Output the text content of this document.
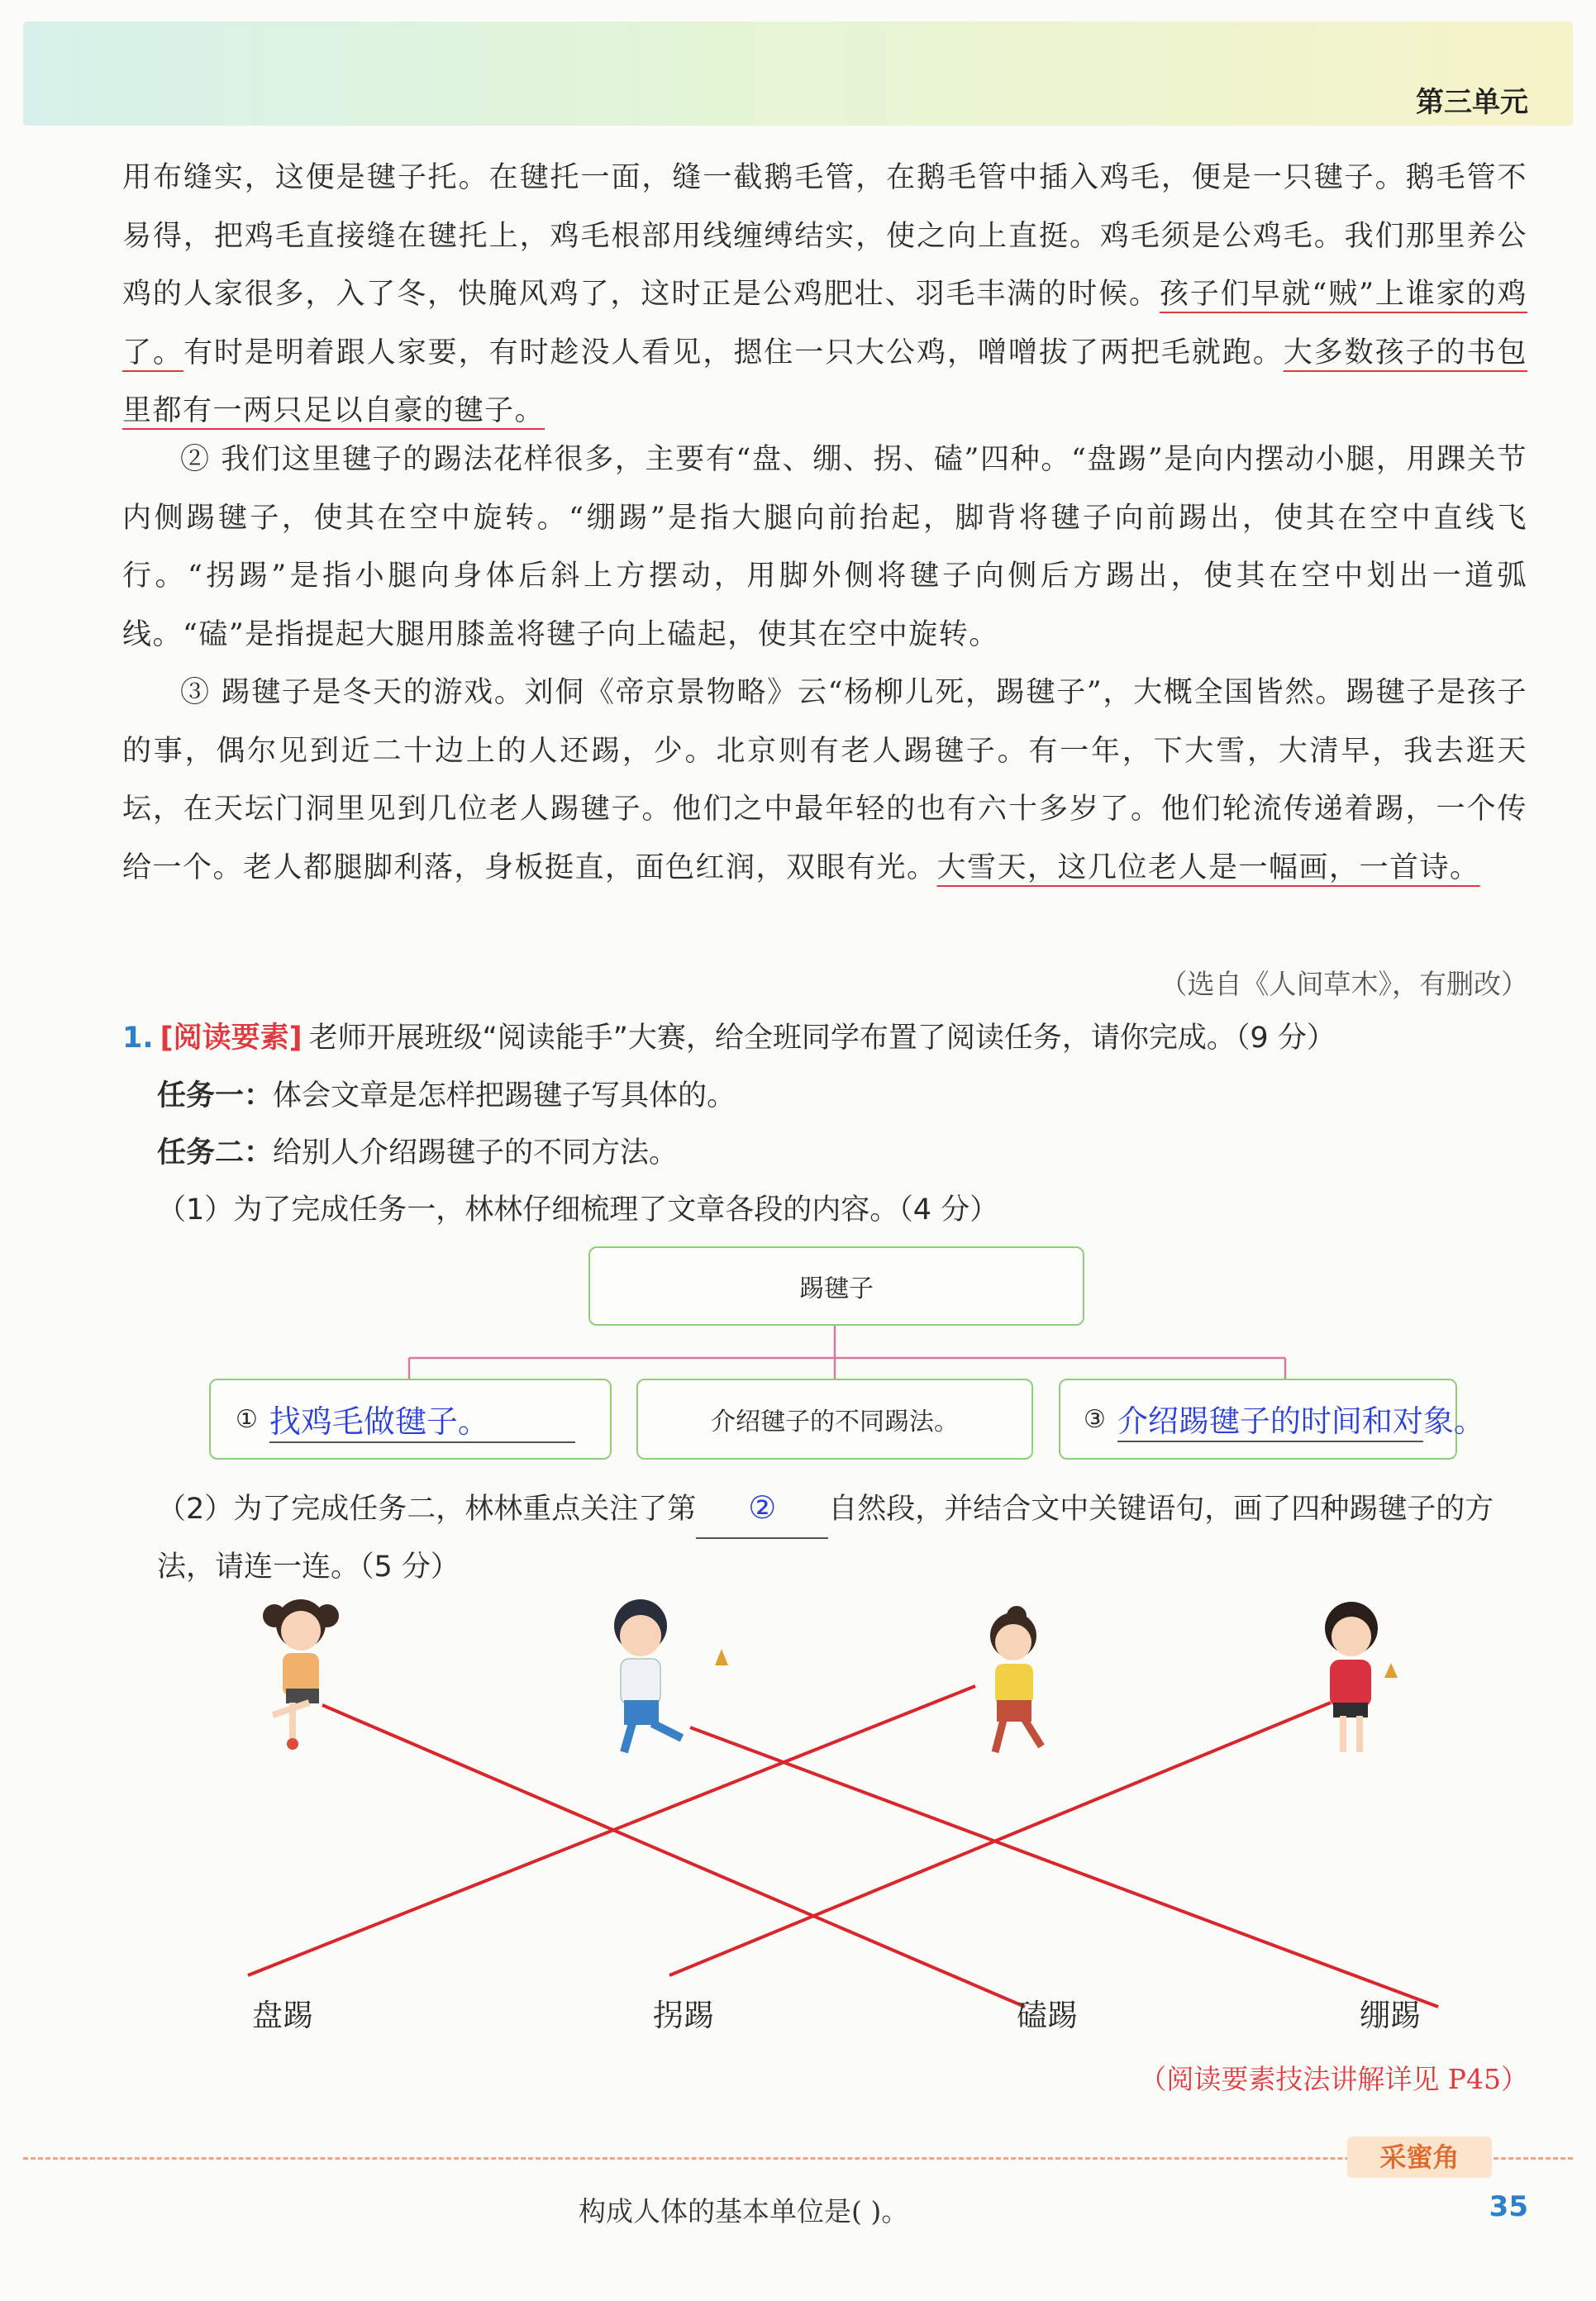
第三单元

用布缝实，这便是毽子托。在毽托一面，缝一截鹅毛管，在鹅毛管中插入鸡毛，便是一只毽子。鹅毛管不易得，把鸡毛直接缝在毽托上，鸡毛根部用线缠缚结实，使之向上直挺。鸡毛须是公鸡毛。我们那里养公鸡的人家很多，入了冬，快腌风鸡了，这时正是公鸡肥壮、羽毛丰满的时候。孩子们早就“贼”上谁家的鸡了。有时是明着跟人家要，有时趁没人看见，摁住一只大公鸡，噌噌拔了两把毛就跑。大多数孩子的书包里都有一两只足以自豪的毽子。

② 我们这里毽子的踢法花样很多，主要有“盘、绷、拐、磕”四种。“盘踢”是向内摆动小腿，用踝关节内侧踢毽子，使其在空中旋转。“绷踢”是指大腿向前抬起，脚背将毽子向前踢出，使其在空中直线飞行。“拐踢”是指小腿向身体后斜上方摆动，用脚外侧将毽子向侧后方踢出，使其在空中划出一道弧线。“磕”是指提起大腿用膝盖将毽子向上磕起，使其在空中旋转。

③ 踢毽子是冬天的游戏。刘侗《帝京景物略》云“杨柳儿死，踢毽子”，大概全国皆然。踢毽子是孩子的事，偶尔见到近二十边上的人还踢，少。北京则有老人踢毽子。有一年，下大雪，大清早，我去逛天坛，在天坛门洞里见到几位老人踢毽子。他们之中最年轻的也有六十多岁了。他们轮流传递着踢，一个传给一个。老人都腿脚利落，身板挺直，面色红润，双眼有光。大雪天，这几位老人是一幅画，一首诗。

（选自《人间草木》，有删改）
1. [阅读要素] 老师开展班级“阅读能手”大赛，给全班同学布置了阅读任务，请你完成。（9 分）
任务一：体会文章是怎样把踢毽子写具体的。
任务二：给别人介绍踢毽子的不同方法。
（1）为了完成任务一，林林仔细梳理了文章各段的内容。（4 分）
踢毽子
① 找鸡毛做毽子。	介绍毽子的不同踢法。	③ 介绍踢毽子的时间和对象。
（2）为了完成任务二，林林重点关注了第 ② 自然段，并结合文中关键语句，画了四种踢毽子的方法，请连一连。（5 分）
盘踢	拐踢	磕踢	绷踢
（阅读要素技法讲解详见 P45）
采蜜角
构成人体的基本单位是( )。	35
